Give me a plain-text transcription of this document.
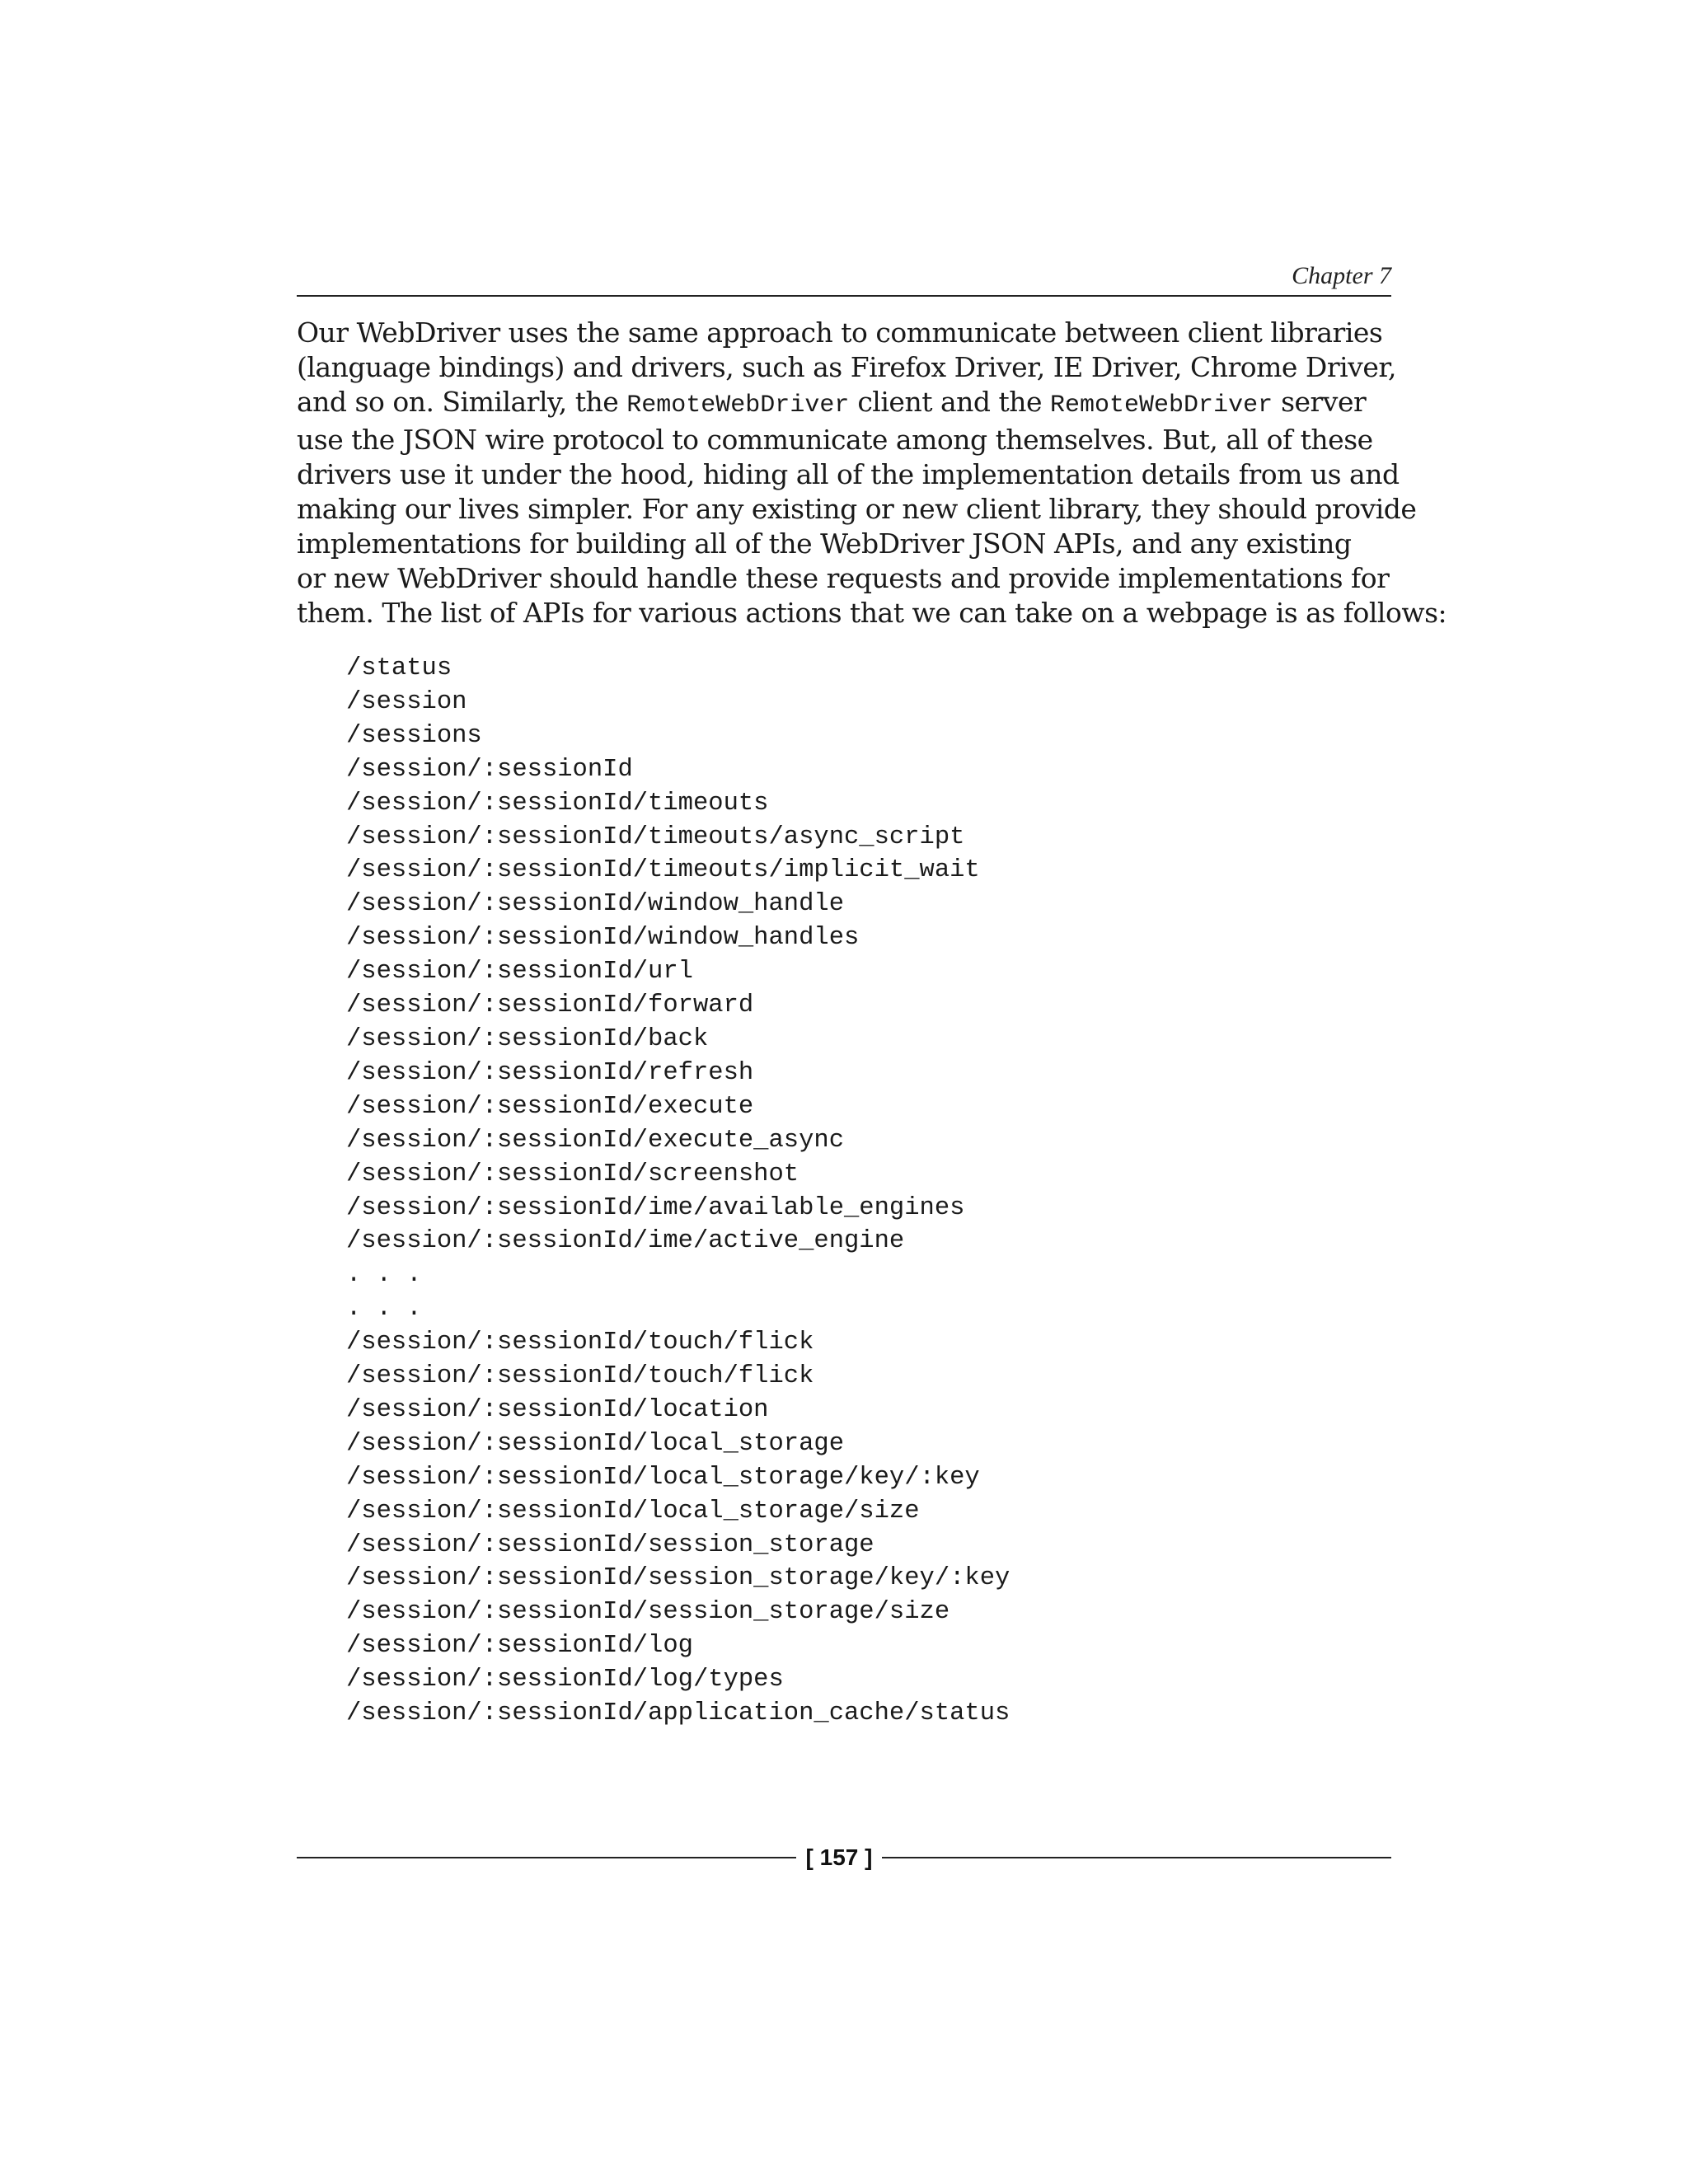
Chapter 7

Our WebDriver uses the same approach to communicate between client libraries
(language bindings) and drivers, such as Firefox Driver, IE Driver, Chrome Driver,
and so on. Similarly, the RemoteWebDriver client and the RemoteWebDriver server
use the JSON wire protocol to communicate among themselves. But, all of these
drivers use it under the hood, hiding all of the implementation details from us and
making our lives simpler. For any existing or new client library, they should provide
implementations for building all of the WebDriver JSON APIs, and any existing
or new WebDriver should handle these requests and provide implementations for
them. The list of APIs for various actions that we can take on a webpage is as follows:

/status
/session
/sessions
/session/:sessionId
/session/:sessionId/timeouts
/session/:sessionId/timeouts/async_script
/session/:sessionId/timeouts/implicit_wait
/session/:sessionId/window_handle
/session/:sessionId/window_handles
/session/:sessionId/url
/session/:sessionId/forward
/session/:sessionId/back
/session/:sessionId/refresh
/session/:sessionId/execute
/session/:sessionId/execute_async
/session/:sessionId/screenshot
/session/:sessionId/ime/available_engines
/session/:sessionId/ime/active_engine
. . .
. . .
/session/:sessionId/touch/flick
/session/:sessionId/touch/flick
/session/:sessionId/location
/session/:sessionId/local_storage
/session/:sessionId/local_storage/key/:key
/session/:sessionId/local_storage/size
/session/:sessionId/session_storage
/session/:sessionId/session_storage/key/:key
/session/:sessionId/session_storage/size
/session/:sessionId/log
/session/:sessionId/log/types
/session/:sessionId/application_cache/status
[ 157 ]
